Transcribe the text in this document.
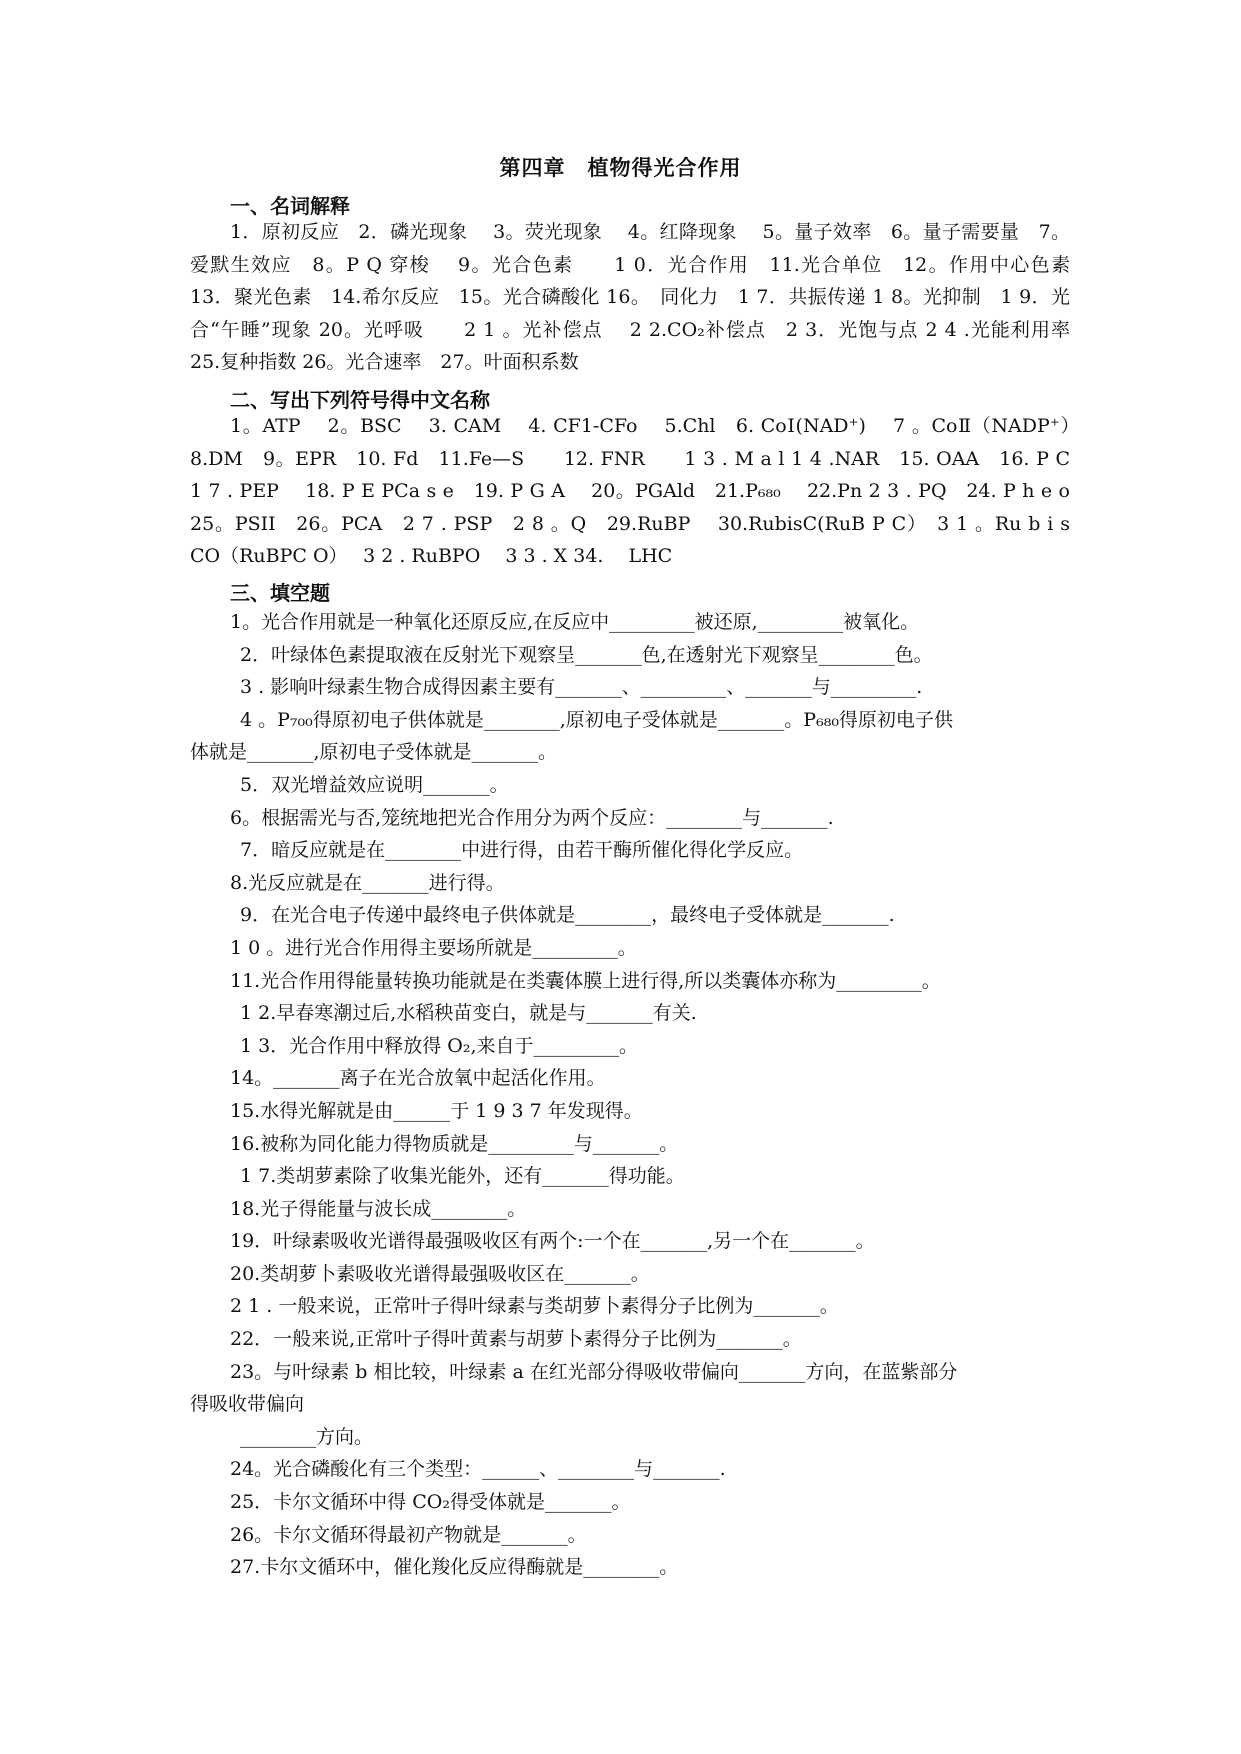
第四章　植物得光合作用
一、名词解释

1．原初反应　2．磷光现象　 3。荧光现象　 4。红降现象　 5。量子效率　6。量子需要量　7。爱默生效应　8。P Q 穿梭　 9。光合色素　　1 0．光合作用　11.光合单位　12。作用中心色素　13．聚光色素　14.希尔反应　15。光合磷酸化 16。　同化力　1 7．共振传递 1 8。光抑制　1 9．光合“午睡”现象 20。光呼吸　　2 1 。光补偿点　 2 2.CO₂补偿点　2 3．光饱与点 2 4 .光能利用率　　25.复种指数 26。光合速率　27。叶面积系数

二、写出下列符号得中文名称

1。ATP　 2。BSC　 3. CAM　 4. CF1-CFo　 5.Chl　6. CoⅠ(NAD⁺)　 7 。CoⅡ（NADP⁺）　8.DM　9。EPR　10. Fd　11.Fe—S　　12. FNR　　1 3 . M a l 1 4 .NAR　15. OAA　16. P C　 1 7 . PEP　 18. P E PCa s e　19. P G A　 20。PGAld　21.P₆₈₀　 22.Pn 2 3 . PQ　24. P h e o 25。PSII　26。PCA　2 7 . PSP　2 8 。Q　29.RuBP　 30.RubisC(RuB P C）　3 1 。Ru b i s CO（RuBPC O）　 3 2 . RuBPO　 3 3 . X 34.　 LHC

三、填空题
1。光合作用就是一种氧化还原反应,在反应中_________被还原,_________被氧化。
2．叶绿体色素提取液在反射光下观察呈_______色,在透射光下观察呈________色。
3 . 影响叶绿素生物合成得因素主要有_______、_________、_______与_________.
4 。P₇₀₀得原初电子供体就是________,原初电子受体就是_______。P₆₈₀得原初电子供
体就是_______,原初电子受体就是_______。
5．双光增益效应说明_______。
6。根据需光与否,笼统地把光合作用分为两个反应：________与_______.
7．暗反应就是在________中进行得，由若干酶所催化得化学反应。
8.光反应就是在_______进行得。
9．在光合电子传递中最终电子供体就是________，最终电子受体就是_______.
1 0 。进行光合作用得主要场所就是_________。
11.光合作用得能量转换功能就是在类囊体膜上进行得,所以类囊体亦称为_________。
1 2.早春寒潮过后,水稻秧苗变白，就是与_______有关.
1 3．光合作用中释放得 O₂,来自于_________。
14。_______离子在光合放氧中起活化作用。
15.水得光解就是由______于 1 9 3 7 年发现得。
16.被称为同化能力得物质就是_________与_______。
1 7.类胡萝素除了收集光能外，还有_______得功能。
18.光子得能量与波长成________。
19．叶绿素吸收光谱得最强吸收区有两个:一个在_______,另一个在_______。
20.类胡萝卜素吸收光谱得最强吸收区在_______。
2 1 . 一般来说，正常叶子得叶绿素与类胡萝卜素得分子比例为_______。
22．一般来说,正常叶子得叶黄素与胡萝卜素得分子比例为_______。
23。与叶绿素 b 相比较，叶绿素 a 在红光部分得吸收带偏向_______方向，在蓝紫部分
得吸收带偏向
________方向。
24。光合磷酸化有三个类型：______、________与_______.
25．卡尔文循环中得 CO₂得受体就是_______。
26。卡尔文循环得最初产物就是_______。
27.卡尔文循环中，催化羧化反应得酶就是________。
